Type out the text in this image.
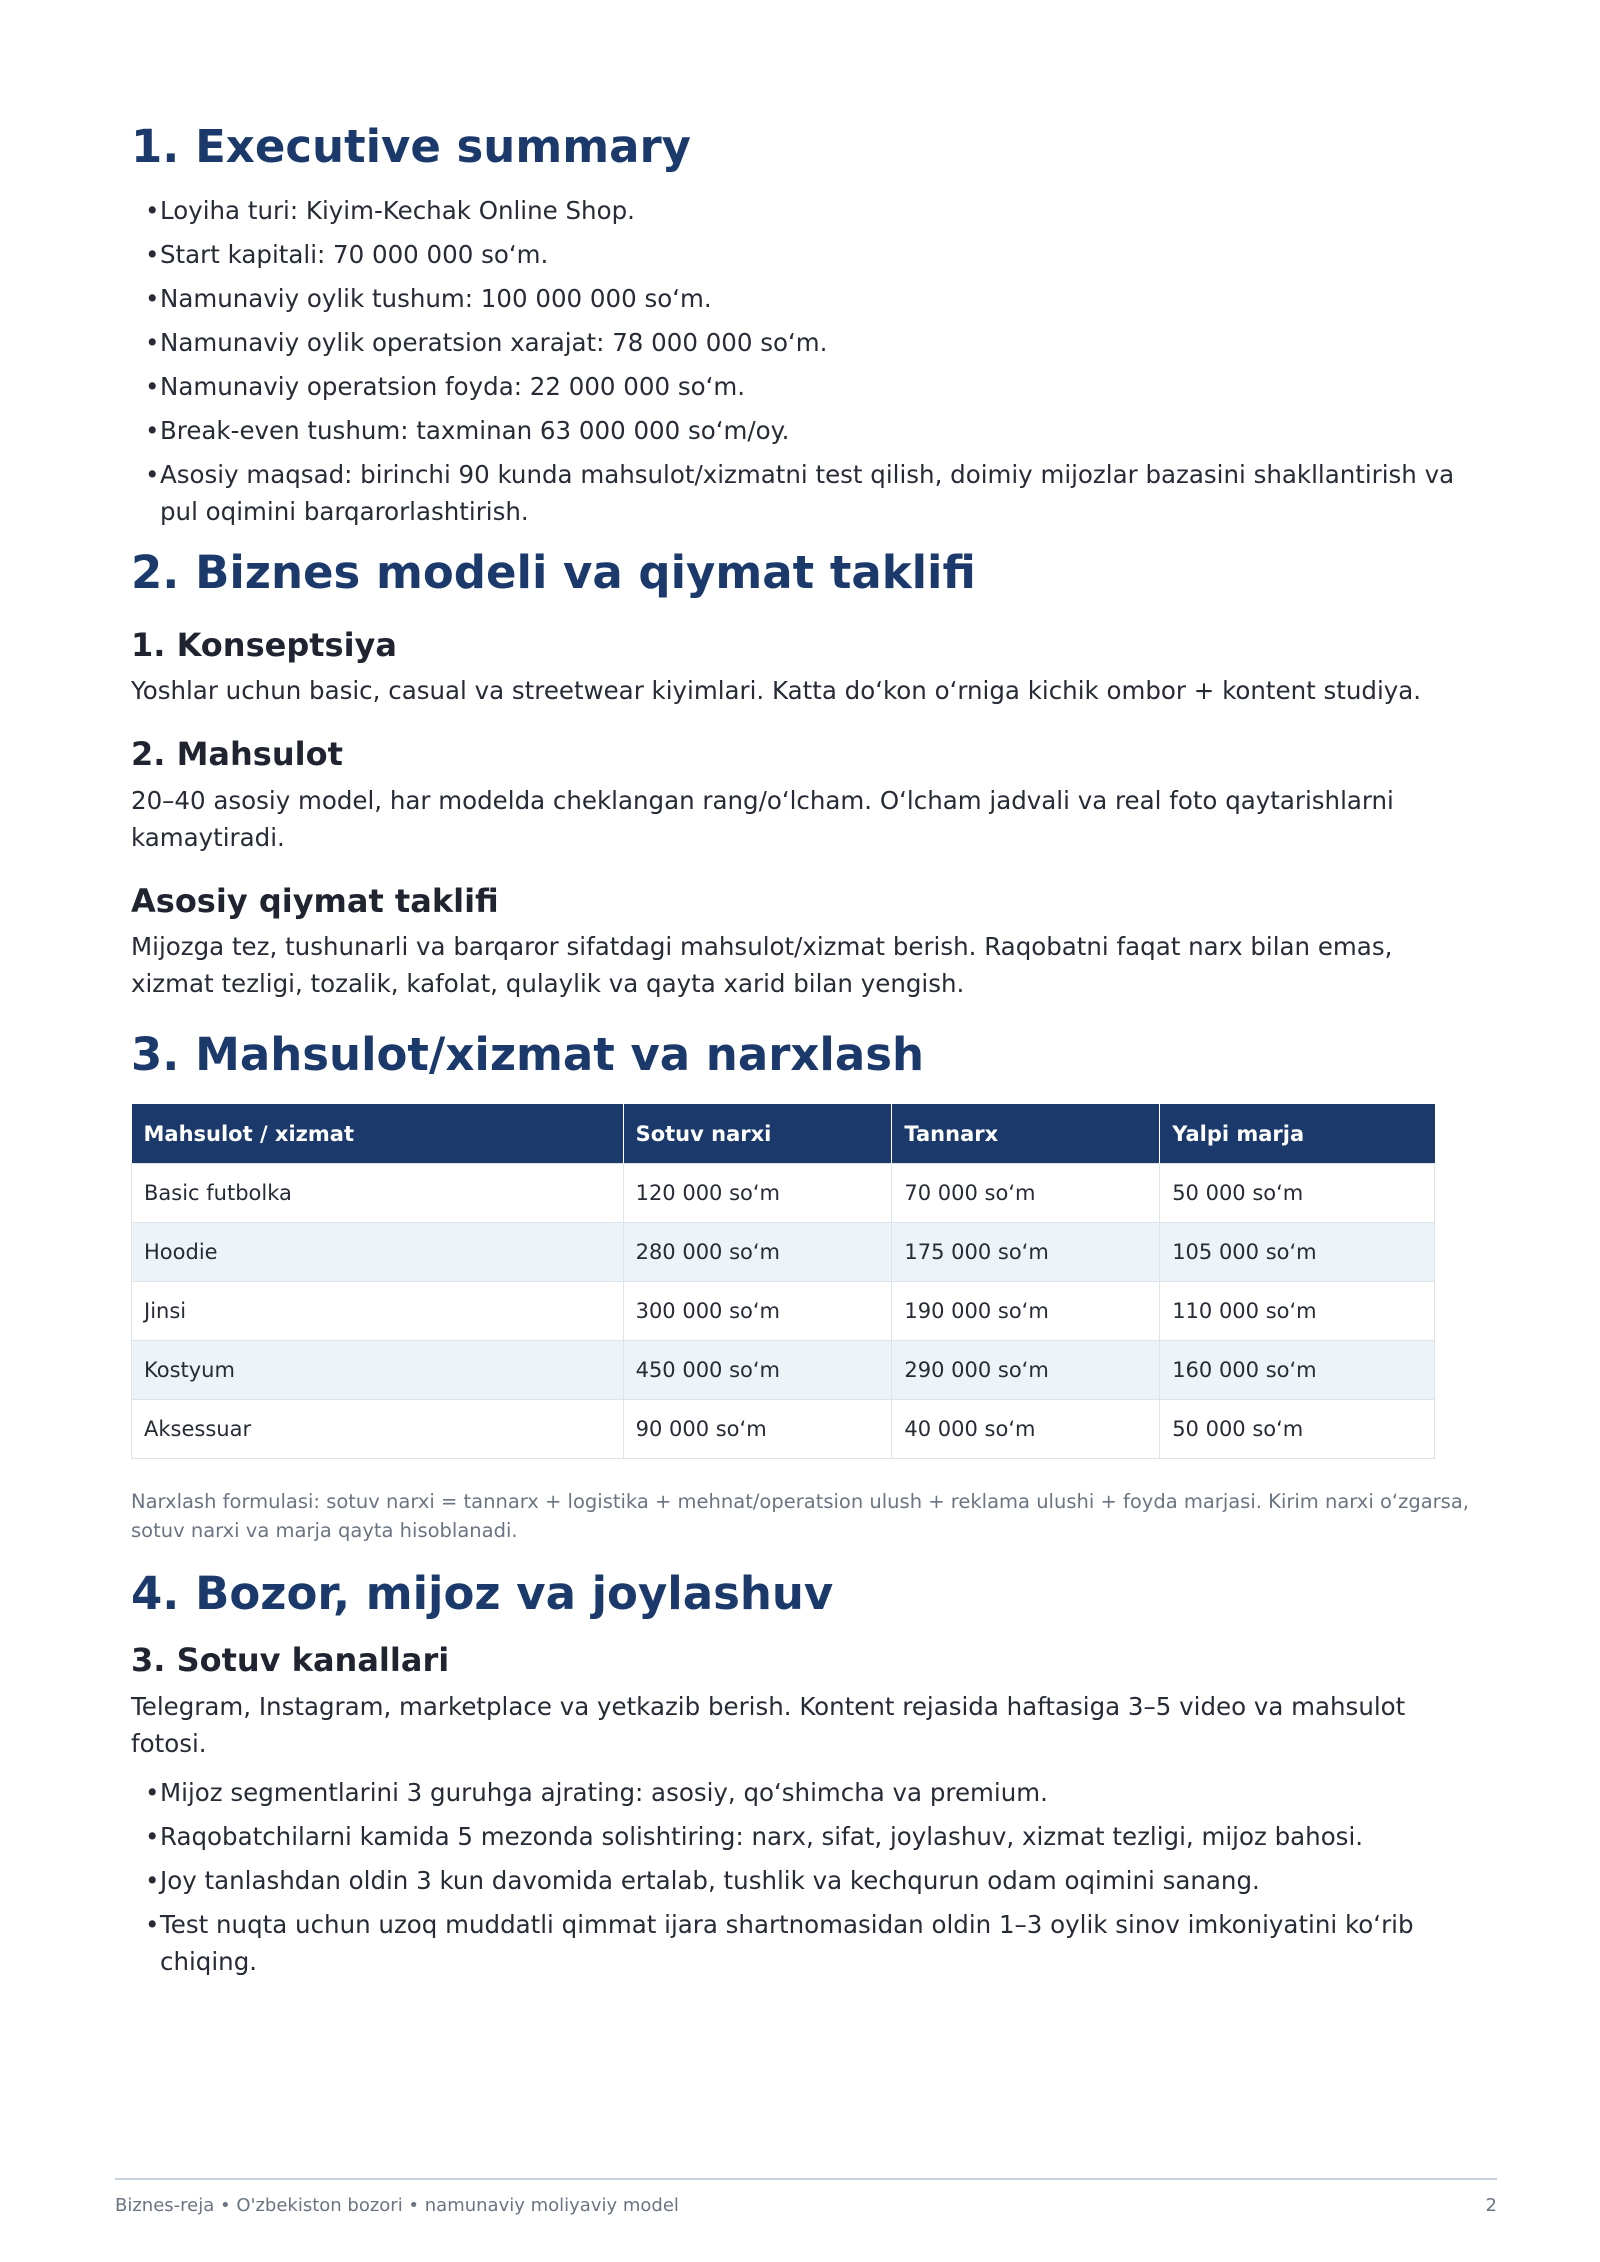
1. Executive summary
•Loyiha turi: Kiyim-Kechak Online Shop.
•Start kapitali: 70 000 000 so‘m.
•Namunaviy oylik tushum: 100 000 000 so‘m.
•Namunaviy oylik operatsion xarajat: 78 000 000 so‘m.
•Namunaviy operatsion foyda: 22 000 000 so‘m.
•Break-even tushum: taxminan 63 000 000 so‘m/oy.
•Asosiy maqsad: birinchi 90 kunda mahsulot/xizmatni test qilish, doimiy mijozlar bazasini shakllantirish va pul oqimini barqarorlashtirish.
2. Biznes modeli va qiymat taklifi
1. Konseptsiya

Yoshlar uchun basic, casual va streetwear kiyimlari. Katta do‘kon o‘rniga kichik ombor + kontent studiya.

2. Mahsulot

20–40 asosiy model, har modelda cheklangan rang/o‘lcham. O‘lcham jadvali va real foto qaytarishlarni kamaytiradi.

Asosiy qiymat taklifi

Mijozga tez, tushunarli va barqaror sifatdagi mahsulot/xizmat berish. Raqobatni faqat narx bilan emas, xizmat tezligi, tozalik, kafolat, qulaylik va qayta xarid bilan yengish.

3. Mahsulot/xizmat va narxlash
Mahsulot / xizmat	Sotuv narxi	Tannarx	Yalpi marja
Basic futbolka	120 000 so‘m	70 000 so‘m	50 000 so‘m
Hoodie	280 000 so‘m	175 000 so‘m	105 000 so‘m
Jinsi	300 000 so‘m	190 000 so‘m	110 000 so‘m
Kostyum	450 000 so‘m	290 000 so‘m	160 000 so‘m
Aksessuar	90 000 so‘m	40 000 so‘m	50 000 so‘m

Narxlash formulasi: sotuv narxi = tannarx + logistika + mehnat/operatsion ulush + reklama ulushi + foyda marjasi. Kirim narxi o‘zgarsa, sotuv narxi va marja qayta hisoblanadi.

4. Bozor, mijoz va joylashuv
3. Sotuv kanallari

Telegram, Instagram, marketplace va yetkazib berish. Kontent rejasida haftasiga 3–5 video va mahsulot fotosi.

•Mijoz segmentlarini 3 guruhga ajrating: asosiy, qo‘shimcha va premium.
•Raqobatchilarni kamida 5 mezonda solishtiring: narx, sifat, joylashuv, xizmat tezligi, mijoz bahosi.
•Joy tanlashdan oldin 3 kun davomida ertalab, tushlik va kechqurun odam oqimini sanang.
•Test nuqta uchun uzoq muddatli qimmat ijara shartnomasidan oldin 1–3 oylik sinov imkoniyatini ko‘rib chiqing.
Biznes-reja • O'zbekiston bozori • namunaviy moliyaviy model	2
